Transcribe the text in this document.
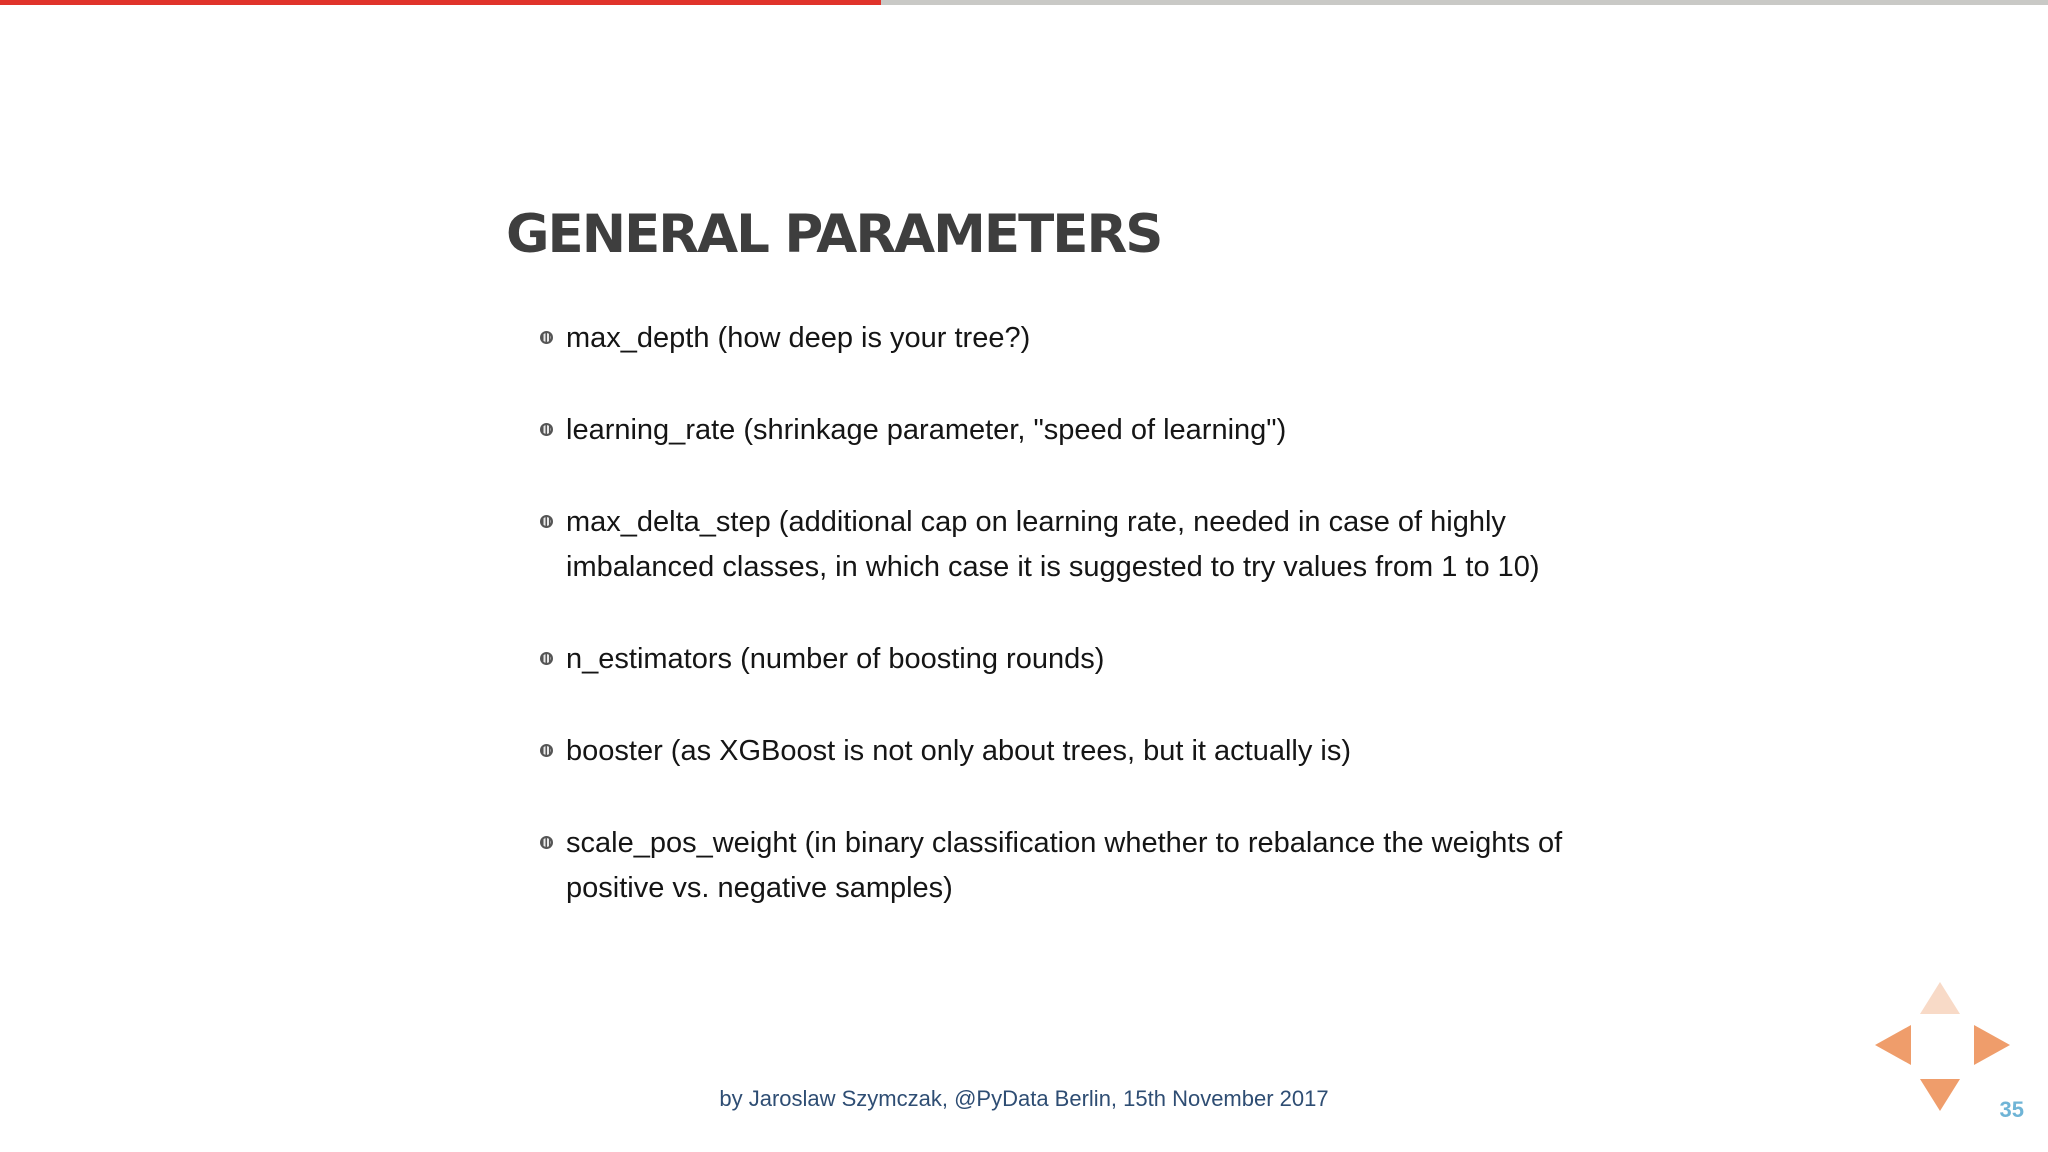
GENERAL PARAMETERS
max_depth (how deep is your tree?)
learning_rate (shrinkage parameter, "speed of learning")
max_delta_step (additional cap on learning rate, needed in case of highly imbalanced classes, in which case it is suggested to try values from 1 to 10)
n_estimators (number of boosting rounds)
booster (as XGBoost is not only about trees, but it actually is)
scale_pos_weight (in binary classification whether to rebalance the weights of positive vs. negative samples)
by Jaroslaw Szymczak, @PyData Berlin, 15th November 2017	35
